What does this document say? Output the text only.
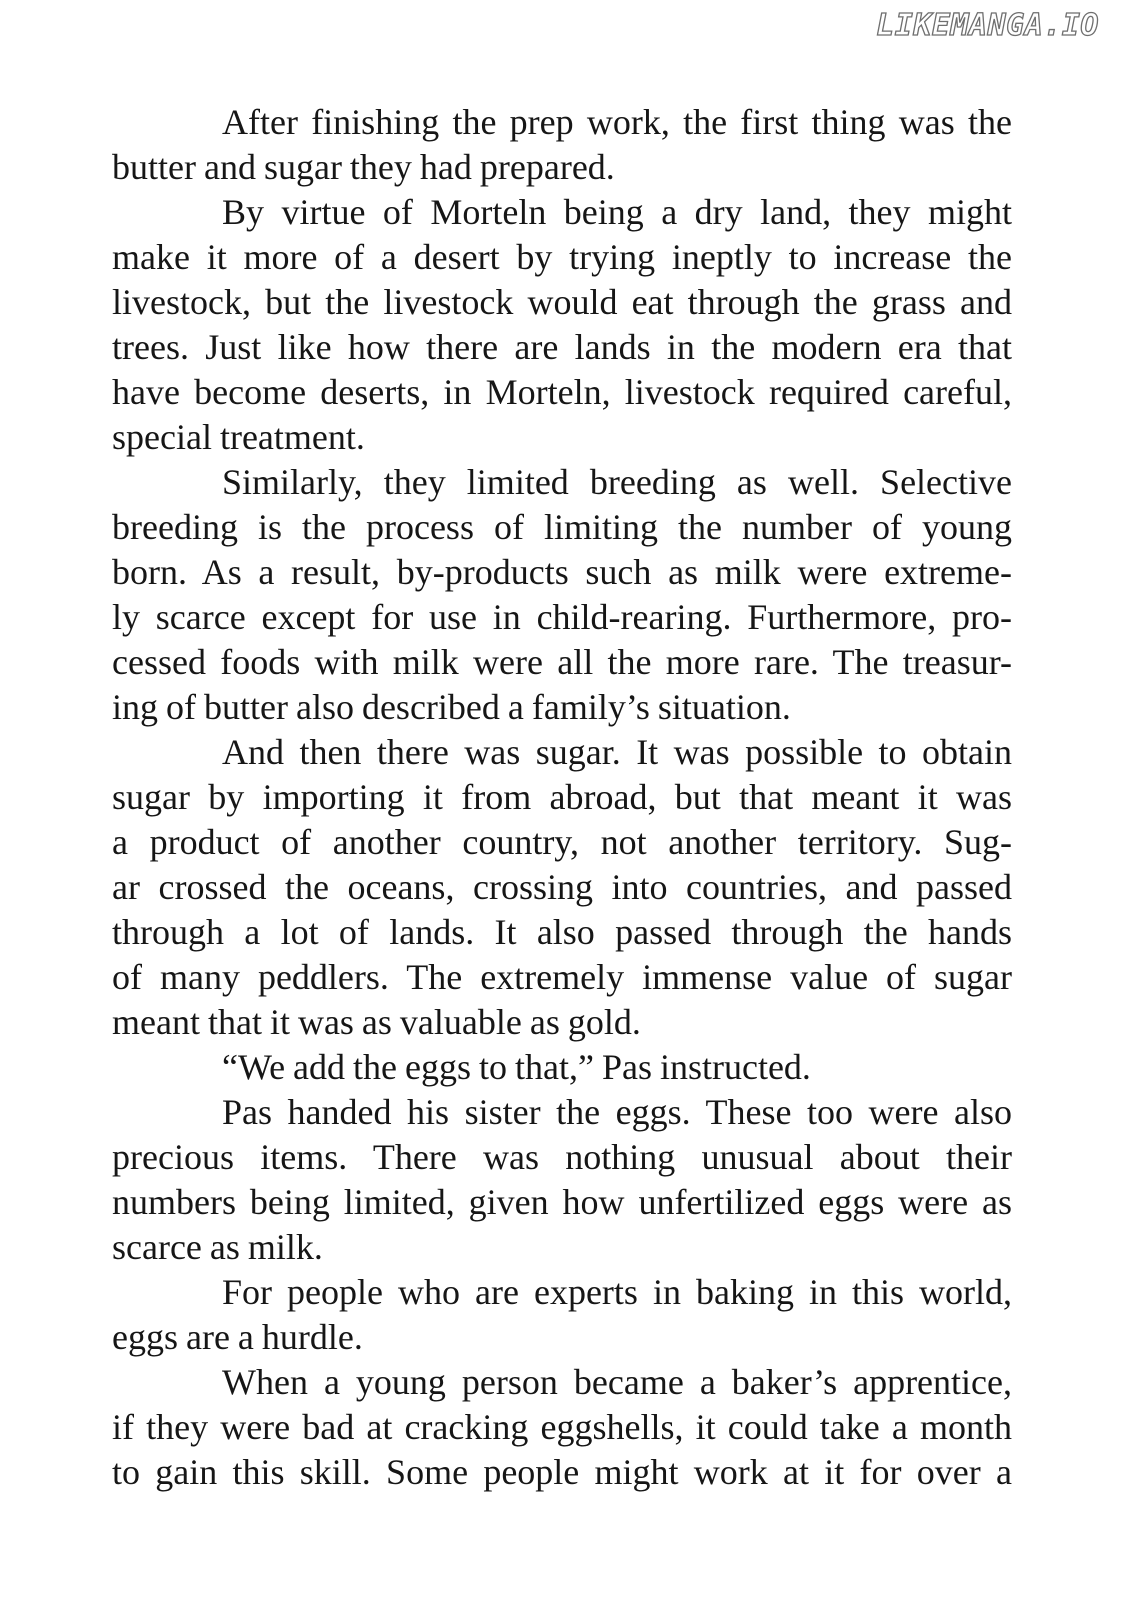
LIKEMANGA.IO
After finishing the prep work, the first thing was the
butter and sugar they had prepared.
By virtue of Morteln being a dry land, they might
make it more of a desert by trying ineptly to increase the
livestock, but the livestock would eat through the grass and
trees. Just like how there are lands in the modern era that
have become deserts, in Morteln, livestock required careful,
special treatment.
Similarly, they limited breeding as well. Selective
breeding is the process of limiting the number of young
born. As a result, by-products such as milk were extreme-
ly scarce except for use in child-rearing. Furthermore, pro-
cessed foods with milk were all the more rare. The treasur-
ing of butter also described a family’s situation.
And then there was sugar. It was possible to obtain
sugar by importing it from abroad, but that meant it was
a product of another country, not another territory. Sug-
ar crossed the oceans, crossing into countries, and passed
through a lot of lands. It also passed through the hands
of many peddlers. The extremely immense value of sugar
meant that it was as valuable as gold.
“We add the eggs to that,” Pas instructed.
Pas handed his sister the eggs. These too were also
precious items. There was nothing unusual about their
numbers being limited, given how unfertilized eggs were as
scarce as milk.
For people who are experts in baking in this world,
eggs are a hurdle.
When a young person became a baker’s apprentice,
if they were bad at cracking eggshells, it could take a month
to gain this skill. Some people might work at it for over a
